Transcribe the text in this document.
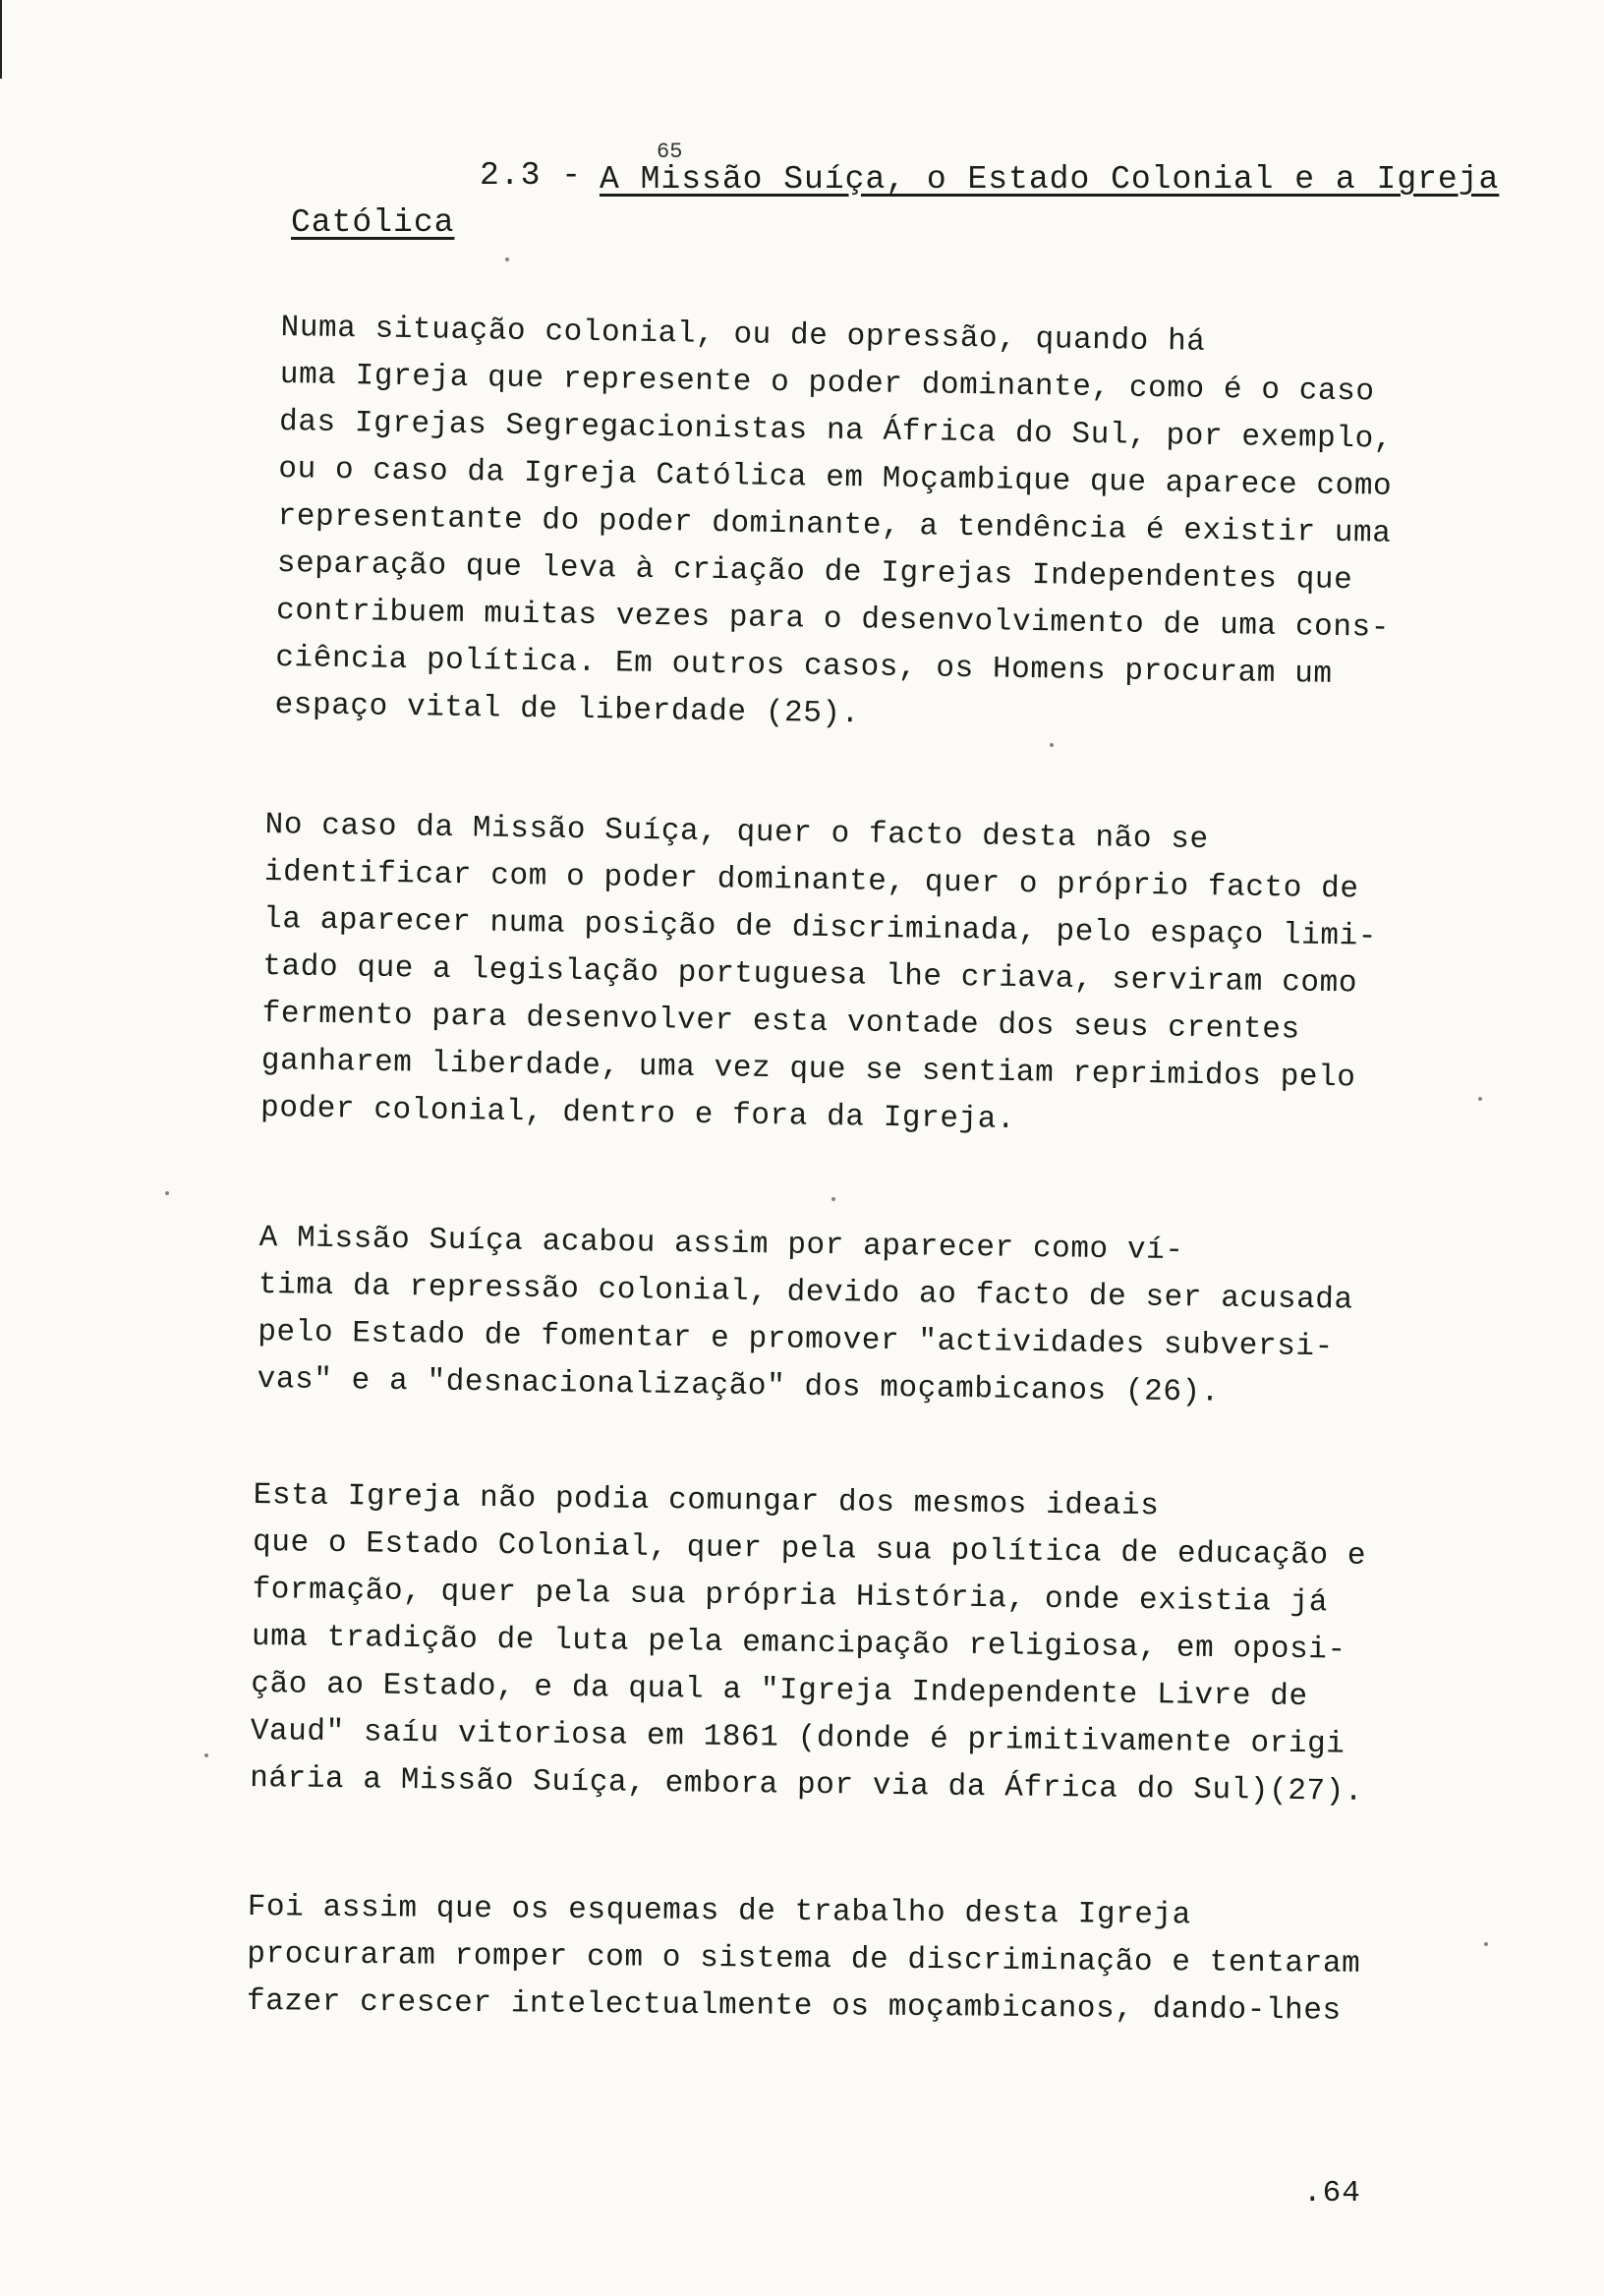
65
2.3 - A Missão Suíça, o Estado Colonial e a Igreja
Católica
Numa situação colonial, ou de opressão, quando há
uma Igreja que represente o poder dominante, como é o caso
das Igrejas Segregacionistas na África do Sul, por exemplo,
ou o caso da Igreja Católica em Moçambique que aparece como
representante do poder dominante, a tendência é existir uma
separação que leva à criação de Igrejas Independentes que
contribuem muitas vezes para o desenvolvimento de uma cons-
ciência política. Em outros casos, os Homens procuram um
espaço vital de liberdade (25).
No caso da Missão Suíça, quer o facto desta não se
identificar com o poder dominante, quer o próprio facto de
la aparecer numa posição de discriminada, pelo espaço limi-
tado que a legislação portuguesa lhe criava, serviram como
fermento para desenvolver esta vontade dos seus crentes
ganharem liberdade, uma vez que se sentiam reprimidos pelo
poder colonial, dentro e fora da Igreja.
A Missão Suíça acabou assim por aparecer como ví-
tima da repressão colonial, devido ao facto de ser acusada
pelo Estado de fomentar e promover "actividades subversi-
vas" e a "desnacionalização" dos moçambicanos (26).
Esta Igreja não podia comungar dos mesmos ideais
que o Estado Colonial, quer pela sua política de educação e
formação, quer pela sua própria História, onde existia já
uma tradição de luta pela emancipação religiosa, em oposi-
ção ao Estado, e da qual a "Igreja Independente Livre de
Vaud" saíu vitoriosa em 1861 (donde é primitivamente origi
nária a Missão Suíça, embora por via da África do Sul)(27).
Foi assim que os esquemas de trabalho desta Igreja
procuraram romper com o sistema de discriminação e tentaram
fazer crescer intelectualmente os moçambicanos, dando-lhes
.64
